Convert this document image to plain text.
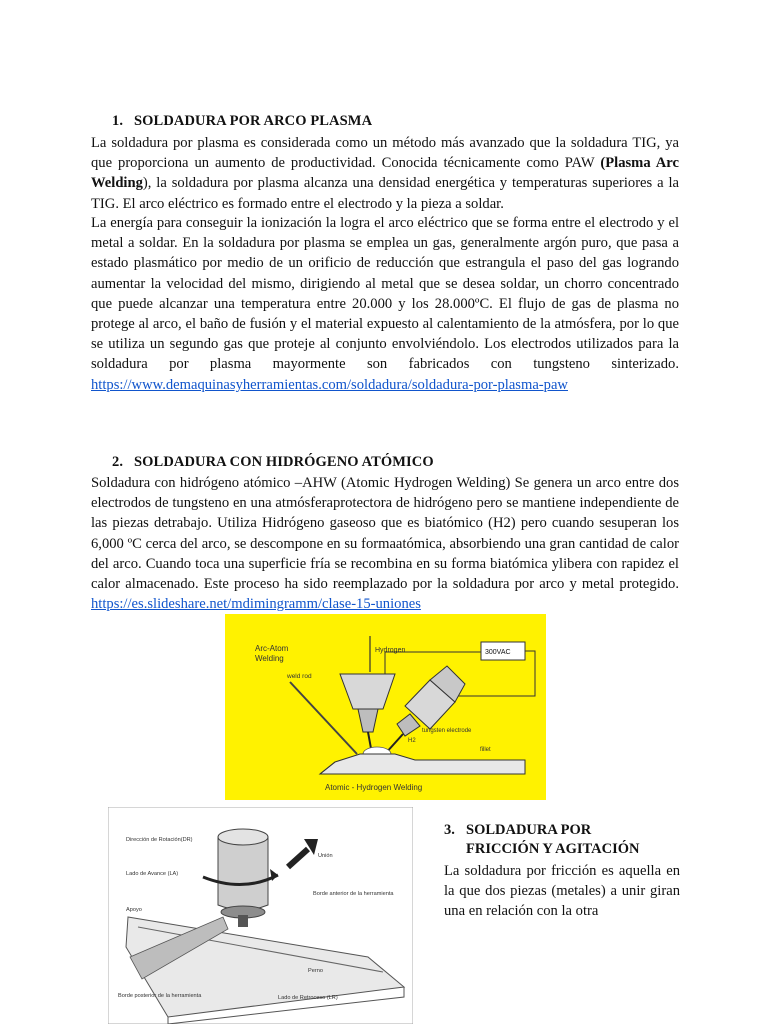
1. SOLDADURA POR ARCO PLASMA
La soldadura por plasma es considerada como un método más avanzado que la soldadura TIG, ya que proporciona un aumento de productividad. Conocida técnicamente como PAW (Plasma Arc Welding), la soldadura por plasma alcanza una densidad energética y temperaturas superiores a la TIG. El arco eléctrico es formado entre el electrodo y la pieza a soldar.
La energía para conseguir la ionización la logra el arco eléctrico que se forma entre el electrodo y el metal a soldar. En la soldadura por plasma se emplea un gas, generalmente argón puro, que pasa a estado plasmático por medio de un orificio de reducción que estrangula el paso del gas logrando aumentar la velocidad del mismo, dirigiendo al metal que se desea soldar, un chorro concentrado que puede alcanzar una temperatura entre 20.000 y los 28.000ºC. El flujo de gas de plasma no protege al arco, el baño de fusión y el material expuesto al calentamiento de la atmósfera, por lo que se utiliza un segundo gas que proteje al conjunto envolviéndolo. Los electrodos utilizados para la soldadura por plasma mayormente son fabricados con tungsteno sinterizado. https://www.demaquinasyherramientas.com/soldadura/soldadura-por-plasma-paw
2. SOLDADURA CON HIDRÓGENO ATÓMICO
Soldadura con hidrógeno atómico –AHW (Atomic Hydrogen Welding) Se genera un arco entre dos electrodos de tungsteno en una atmósferaprotectora de hidrógeno pero se mantiene independiente de las piezas detrabajo. Utiliza Hidrógeno gaseoso que es biatómico (H2) pero cuando sesuperan los 6,000 ºC cerca del arco, se descompone en su formaatómica, absorbiendo una gran cantidad de calor del arco. Cuando toca una superficie fría se recombina en su forma biatómica ylibera con rapidez el calor almacenado. Este proceso ha sido reemplazado por la soldadura por arco y metal protegido. https://es.slideshare.net/mdimingramm/clase-15-uniones
Arc-Atom
Welding
300VAC
Hydrogen
weld rod
H2
tungsten electrode
fillet
Atomic - Hydrogen Welding
Dirección de Rotación(DR)
Lado de Avance (LA)
Unión
Apoyo
Borde anterior de la herramienta
Perno
Borde posterior de la herramienta	Lado de Retroceso (LR)
3. SOLDADURA POR
FRICCIÓN Y AGITACIÓN
La soldadura por fricción es aquella en la que dos piezas (metales) a unir giran una en relación con la otra
